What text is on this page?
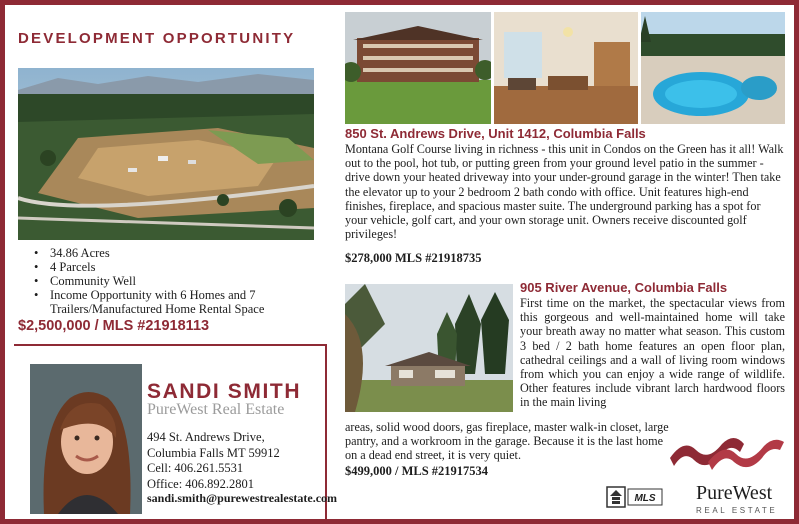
DEVELOPMENT OPPORTUNITY
• 34.86 Acres
• 4 Parcels
• Community Well
• Income Opportunity with 6 Homes and 7 Trailers/Manufactured Home Rental Space
$2,500,000 / MLS #21918113
SANDI SMITH
PureWest Real Estate
494 St. Andrews Drive,
Columbia Falls MT 59912
Cell: 406.261.5531
Office: 406.892.2801
sandi.smith@purewestrealestate.com
850 St. Andrews Drive, Unit 1412, Columbia Falls
Montana Golf Course living in richness - this unit in Condos on the Green has it all! Walk out to the pool, hot tub, or putting green from your ground level patio in the summer - drive down your heated driveway into your under-ground garage in the winter! Then take the elevator up to your 2 bedroom 2 bath condo with office. Unit features high-end finishes, fireplace, and spacious master suite. The underground parking has a spot for your vehicle, golf cart, and your own storage unit. Owners receive discounted golf privileges!
$278,000 MLS #21918735
905 River Avenue, Columbia Falls
First time on the market, the spectacular views from this gorgeous and well-maintained home will take your breath away no matter what season. This custom 3 bed / 2 bath home features an open floor plan, cathedral ceilings and a wall of living room windows from which you can enjoy a wide range of wildlife. Other features include vibrant larch hardwood floors in the main living
areas, solid wood doors, gas fireplace, master walk-in closet, large pantry, and a workroom in the garage. Because it is the last home on a dead end street, it is very quiet.
$499,000 / MLS #21917534
PureWest
REAL ESTATE
MLS
